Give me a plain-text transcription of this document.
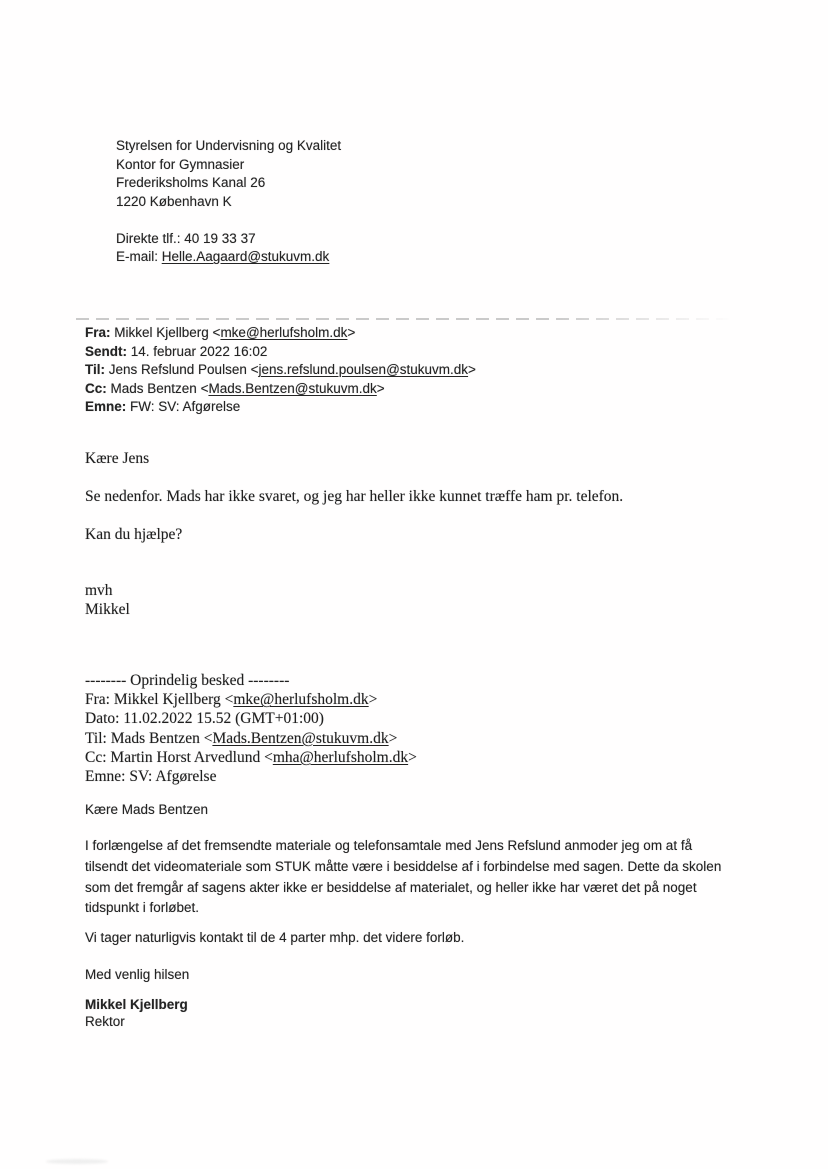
Styrelsen for Undervisning og Kvalitet
Kontor for Gymnasier
Frederiksholms Kanal 26
1220 København K
Direkte tlf.: 40 19 33 37
E-mail: Helle.Aagaard@stukuvm.dk
Fra: Mikkel Kjellberg <mke@herlufsholm.dk>
Sendt: 14. februar 2022 16:02
Til: Jens Refslund Poulsen <jens.refslund.poulsen@stukuvm.dk>
Cc: Mads Bentzen <Mads.Bentzen@stukuvm.dk>
Emne: FW: SV: Afgørelse
Kære Jens
Se nedenfor. Mads har ikke svaret, og jeg har heller ikke kunnet træffe ham pr. telefon.
Kan du hjælpe?
mvh
Mikkel
-------- Oprindelig besked --------
Fra: Mikkel Kjellberg <mke@herlufsholm.dk>
Dato: 11.02.2022 15.52 (GMT+01:00)
Til: Mads Bentzen <Mads.Bentzen@stukuvm.dk>
Cc: Martin Horst Arvedlund <mha@herlufsholm.dk>
Emne: SV: Afgørelse
Kære Mads Bentzen
I forlængelse af det fremsendte materiale og telefonsamtale med Jens Refslund anmoder jeg om at få
tilsendt det videomateriale som STUK måtte være i besiddelse af i forbindelse med sagen. Dette da skolen
som det fremgår af sagens akter ikke er besiddelse af materialet, og heller ikke har været det på noget
tidspunkt i forløbet.
Vi tager naturligvis kontakt til de 4 parter mhp. det videre forløb.
Med venlig hilsen
Mikkel Kjellberg
Rektor
